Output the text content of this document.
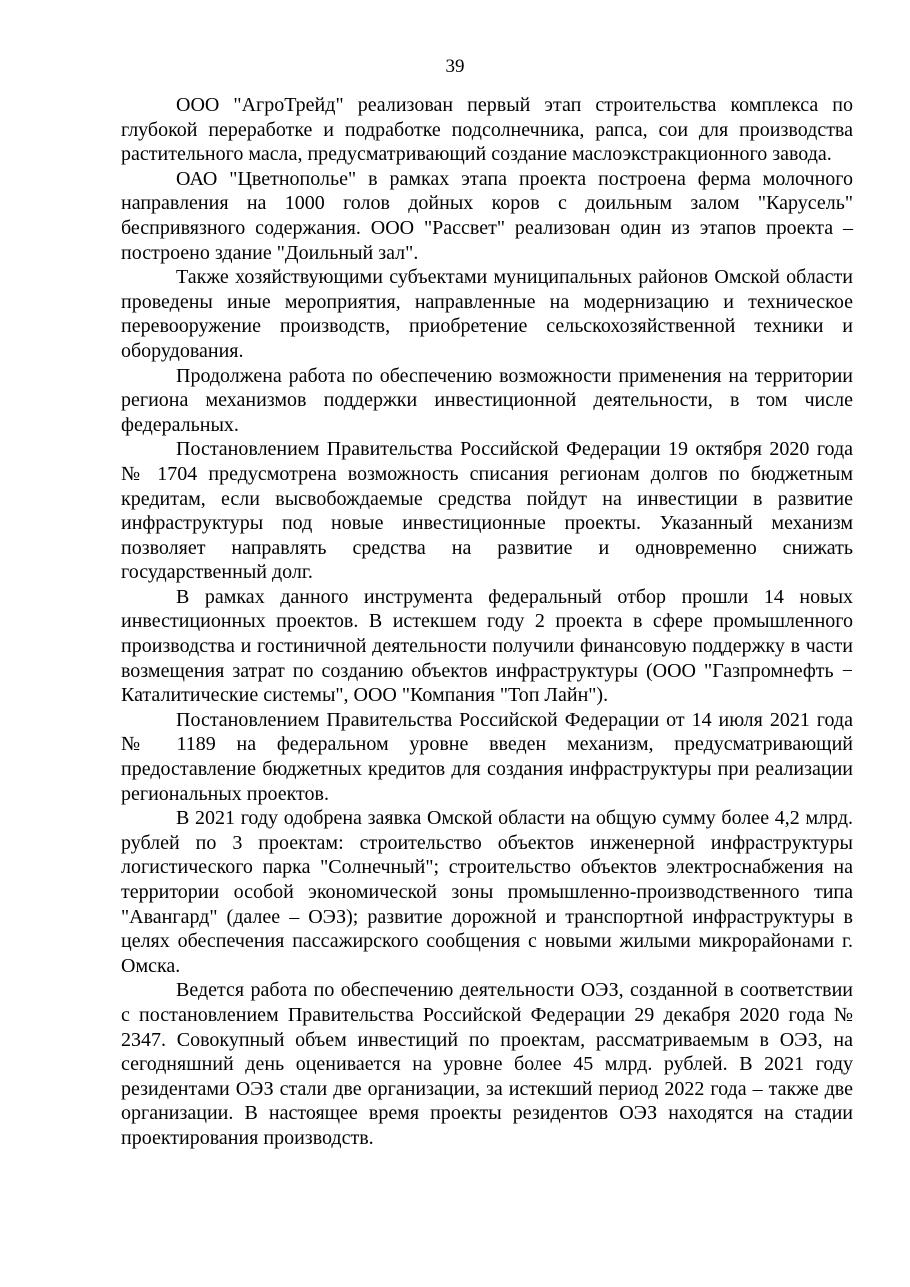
39

ООО "АгроТрейд" реализован первый этап строительства комплекса по глубокой переработке и подработке подсолнечника, рапса, сои для производства растительного масла, предусматривающий создание маслоэкстракционного завода.

ОАО "Цветнополье" в рамках этапа проекта построена ферма молочного направления на 1000 голов дойных коров с доильным залом "Карусель" беспривязного содержания. ООО "Рассвет" реализован один из этапов проекта – построено здание "Доильный зал".

Также хозяйствующими субъектами муниципальных районов Омской области проведены иные мероприятия, направленные на модернизацию и техническое перевооружение производств, приобретение сельскохозяйственной техники и оборудования.

Продолжена работа по обеспечению возможности применения на территории региона механизмов поддержки инвестиционной деятельности, в том числе федеральных.

Постановлением Правительства Российской Федерации 19 октября 2020 года № 1704 предусмотрена возможность списания регионам долгов по бюджетным кредитам, если высвобождаемые средства пойдут на инвестиции в развитие инфраструктуры под новые инвестиционные проекты. Указанный механизм позволяет направлять средства на развитие и одновременно снижать государственный долг.

В рамках данного инструмента федеральный отбор прошли 14 новых инвестиционных проектов. В истекшем году 2 проекта в сфере промышленного производства и гостиничной деятельности получили финансовую поддержку в части возмещения затрат по созданию объектов инфраструктуры (ООО "Газпромнефть − Каталитические системы", ООО "Компания "Топ Лайн").

Постановлением Правительства Российской Федерации от 14 июля 2021 года № 1189 на федеральном уровне введен механизм, предусматривающий предоставление бюджетных кредитов для создания инфраструктуры при реализации региональных проектов.

В 2021 году одобрена заявка Омской области на общую сумму более 4,2 млрд. рублей по 3 проектам: строительство объектов инженерной инфраструктуры логистического парка "Солнечный"; строительство объектов электроснабжения на территории особой экономической зоны промышленно-производственного типа "Авангард" (далее – ОЭЗ); развитие дорожной и транспортной инфраструктуры в целях обеспечения пассажирского сообщения с новыми жилыми микрорайонами г. Омска.

Ведется работа по обеспечению деятельности ОЭЗ, созданной в соответствии с постановлением Правительства Российской Федерации 29 декабря 2020 года № 2347. Совокупный объем инвестиций по проектам, рассматриваемым в ОЭЗ, на сегодняшний день оценивается на уровне более 45 млрд. рублей. В 2021 году резидентами ОЭЗ стали две организации, за истекший период 2022 года – также две организации. В настоящее время проекты резидентов ОЭЗ находятся на стадии проектирования производств.
